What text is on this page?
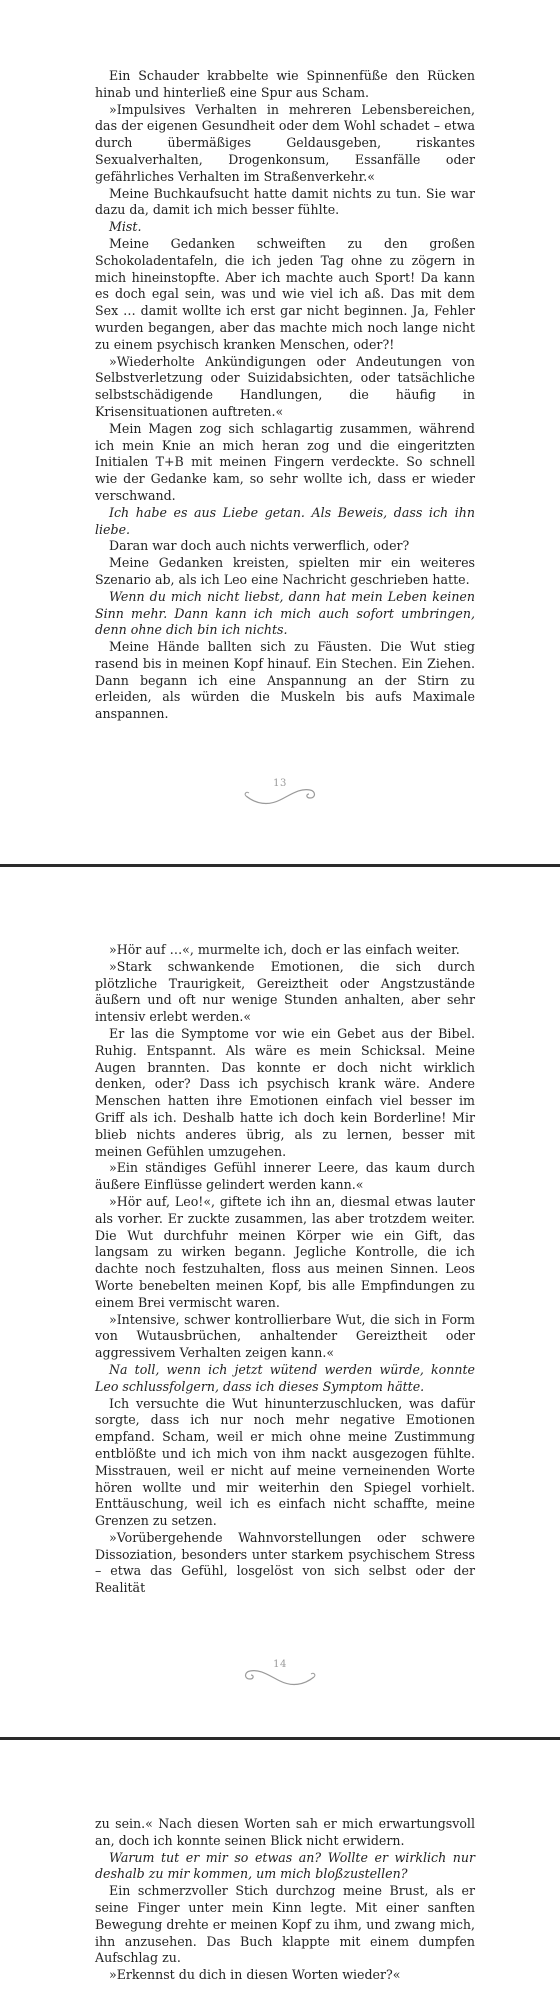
Ein Schauder krabbelte wie Spinnenfüße den Rücken hinab und hinterließ eine Spur aus Scham.

»Impulsives Verhalten in mehreren Lebensbereichen, das der eigenen Gesundheit oder dem Wohl schadet – etwa durch übermäßiges Geldausgeben, riskantes Sexualverhalten, Drogenkonsum, Essanfälle oder gefährliches Verhalten im Straßenverkehr.«

Meine Buchkaufsucht hatte damit nichts zu tun. Sie war dazu da, damit ich mich besser fühlte.

Mist.

Meine Gedanken schweiften zu den großen Schokoladentafeln, die ich jeden Tag ohne zu zögern in mich hineinstopfte. Aber ich machte auch Sport! Da kann es doch egal sein, was und wie viel ich aß. Das mit dem Sex … damit wollte ich erst gar nicht beginnen. Ja, Fehler wurden begangen, aber das machte mich noch lange nicht zu einem psychisch kranken Menschen, oder?!

»Wiederholte Ankündigungen oder Andeutungen von Selbstverletzung oder Suizidabsichten, oder tatsächliche selbstschädigende Handlungen, die häufig in Krisensituationen auftreten.«

Mein Magen zog sich schlagartig zusammen, während ich mein Knie an mich heran zog und die eingeritzten Initialen T+B mit meinen Fingern verdeckte. So schnell wie der Gedanke kam, so sehr wollte ich, dass er wieder verschwand.

Ich habe es aus Liebe getan. Als Beweis, dass ich ihn liebe.

Daran war doch auch nichts verwerflich, oder?

Meine Gedanken kreisten, spielten mir ein weiteres Szenario ab, als ich Leo eine Nachricht geschrieben hatte.

Wenn du mich nicht liebst, dann hat mein Leben keinen Sinn mehr. Dann kann ich mich auch sofort umbringen, denn ohne dich bin ich nichts.

Meine Hände ballten sich zu Fäusten. Die Wut stieg rasend bis in meinen Kopf hinauf. Ein Stechen. Ein Ziehen. Dann begann ich eine Anspannung an der Stirn zu erleiden, als würden die Muskeln bis aufs Maximale anspannen.

13

»Hör auf …«, murmelte ich, doch er las einfach weiter.

»Stark schwankende Emotionen, die sich durch plötzliche Traurigkeit, Gereiztheit oder Angstzustände äußern und oft nur wenige Stunden anhalten, aber sehr intensiv erlebt werden.«

Er las die Symptome vor wie ein Gebet aus der Bibel. Ruhig. Entspannt. Als wäre es mein Schicksal. Meine Augen brannten. Das konnte er doch nicht wirklich denken, oder? Dass ich psychisch krank wäre. Andere Menschen hatten ihre Emotionen einfach viel besser im Griff als ich. Deshalb hatte ich doch kein Borderline! Mir blieb nichts anderes übrig, als zu lernen, besser mit meinen Gefühlen umzugehen.

»Ein ständiges Gefühl innerer Leere, das kaum durch äußere Einflüsse gelindert werden kann.«

»Hör auf, Leo!«, giftete ich ihn an, diesmal etwas lauter als vorher. Er zuckte zusammen, las aber trotzdem weiter. Die Wut durchfuhr meinen Körper wie ein Gift, das langsam zu wirken begann. Jegliche Kontrolle, die ich dachte noch festzuhalten, floss aus meinen Sinnen. Leos Worte benebelten meinen Kopf, bis alle Empfindungen zu einem Brei vermischt waren.

»Intensive, schwer kontrollierbare Wut, die sich in Form von Wutausbrüchen, anhaltender Gereiztheit oder aggressivem Verhalten zeigen kann.«

Na toll, wenn ich jetzt wütend werden würde, konnte Leo schlussfolgern, dass ich dieses Symptom hätte.

Ich versuchte die Wut hinunterzuschlucken, was dafür sorgte, dass ich nur noch mehr negative Emotionen empfand. Scham, weil er mich ohne meine Zustimmung entblößte und ich mich von ihm nackt ausgezogen fühlte. Misstrauen, weil er nicht auf meine verneinenden Worte hören wollte und mir weiterhin den Spiegel vorhielt. Enttäuschung, weil ich es einfach nicht schaffte, meine Grenzen zu setzen.

»Vorübergehende Wahnvorstellungen oder schwere Dissoziation, besonders unter starkem psychischem Stress – etwa das Gefühl, losgelöst von sich selbst oder der Realität

14

zu sein.« Nach diesen Worten sah er mich erwartungsvoll an, doch ich konnte seinen Blick nicht erwidern.

Warum tut er mir so etwas an? Wollte er wirklich nur deshalb zu mir kommen, um mich bloßzustellen?

Ein schmerzvoller Stich durchzog meine Brust, als er seine Finger unter mein Kinn legte. Mit einer sanften Bewegung drehte er meinen Kopf zu ihm, und zwang mich, ihn anzusehen. Das Buch klappte mit einem dumpfen Aufschlag zu.

»Erkennst du dich in diesen Worten wieder?«
